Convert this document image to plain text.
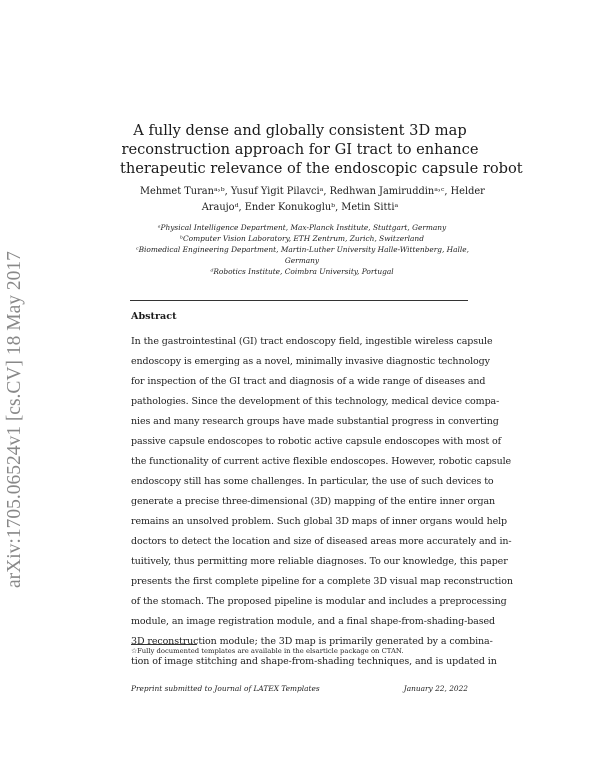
arXiv:1705.06524v1 [cs.CV] 18 May 2017
A fully dense and globally consistent 3D map
reconstruction approach for GI tract to enhance
therapeutic relevance of the endoscopic capsule robot
Mehmet Turanᵃ˒ᵇ, Yusuf Yigit Pilavciᵃ, Redhwan Jamiruddinᵃ˒ᶜ, Helder
Araujoᵈ, Ender Konukogluᵇ, Metin Sittiᵃ
ᵃPhysical Intelligence Department, Max-Planck Institute, Stuttgart, Germany
ᵇComputer Vision Laboratory, ETH Zentrum, Zurich, Switzerland
ᶜBiomedical Engineering Department, Martin-Luther University Halle-Wittenberg, Halle,
Germany
ᵈRobotics Institute, Coimbra University, Portugal
Abstract
In the gastrointestinal (GI) tract endoscopy field, ingestible wireless capsule
endoscopy is emerging as a novel, minimally invasive diagnostic technology
for inspection of the GI tract and diagnosis of a wide range of diseases and
pathologies. Since the development of this technology, medical device compa-
nies and many research groups have made substantial progress in converting
passive capsule endoscopes to robotic active capsule endoscopes with most of
the functionality of current active flexible endoscopes. However, robotic capsule
endoscopy still has some challenges. In particular, the use of such devices to
generate a precise three-dimensional (3D) mapping of the entire inner organ
remains an unsolved problem. Such global 3D maps of inner organs would help
doctors to detect the location and size of diseased areas more accurately and in-
tuitively, thus permitting more reliable diagnoses. To our knowledge, this paper
presents the first complete pipeline for a complete 3D visual map reconstruction
of the stomach. The proposed pipeline is modular and includes a preprocessing
module, an image registration module, and a final shape-from-shading-based
3D reconstruction module; the 3D map is primarily generated by a combina-
tion of image stitching and shape-from-shading techniques, and is updated in
☆Fully documented templates are available in the elsarticle package on CTAN.
Preprint submitted to Journal of LATEX Templates	January 22, 2022
